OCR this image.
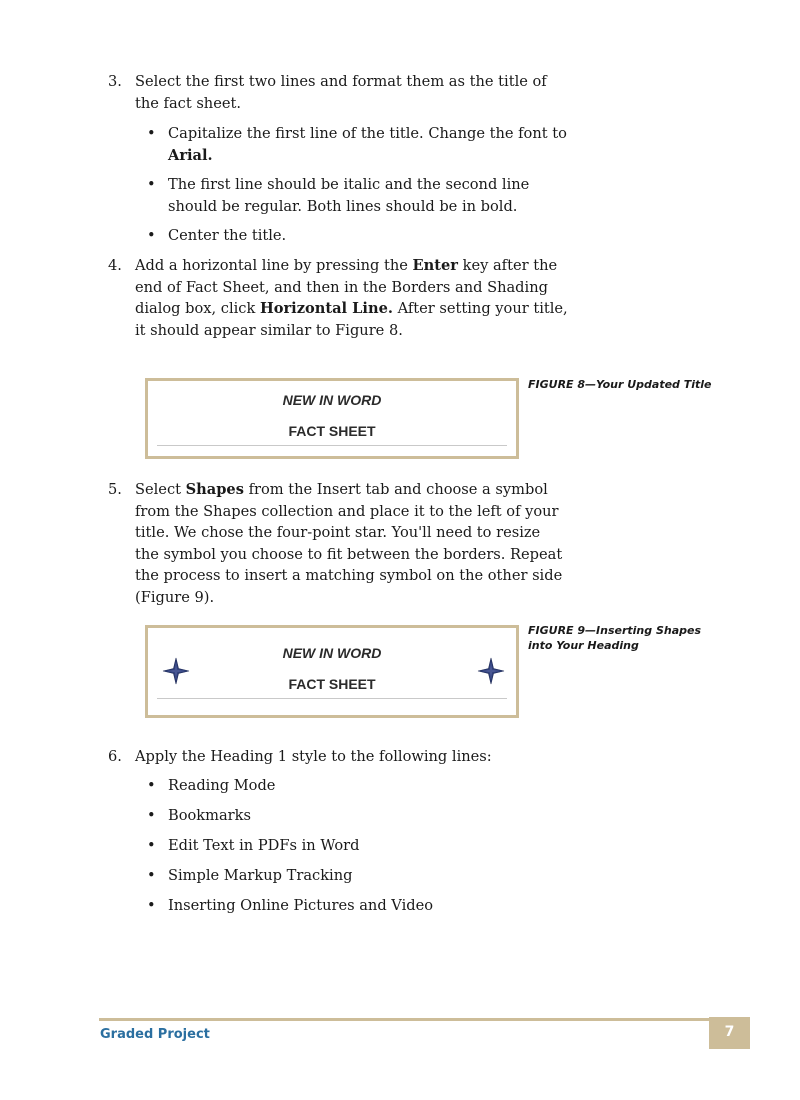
3. Select the first two lines and format them as the title of the fact sheet.
• Capitalize the first line of the title. Change the font to Arial.
• The first line should be italic and the second line should be regular. Both lines should be in bold.
• Center the title.
4. Add a horizontal line by pressing the Enter key after the end of Fact Sheet, and then in the Borders and Shading dialog box, click Horizontal Line. After setting your title, it should appear similar to Figure 8.
NEW IN WORD
FACT SHEET
FIGURE 8—Your Updated Title
5. Select Shapes from the Insert tab and choose a symbol from the Shapes collection and place it to the left of your title. We chose the four-point star. You'll need to resize the symbol you choose to fit between the borders. Repeat the process to insert a matching symbol on the other side (Figure 9).
NEW IN WORD
FACT SHEET
FIGURE 9—Inserting Shapes into Your Heading
6. Apply the Heading 1 style to the following lines:
• Reading Mode
• Bookmarks
• Edit Text in PDFs in Word
• Simple Markup Tracking
• Inserting Online Pictures and Video
Graded Project	7
